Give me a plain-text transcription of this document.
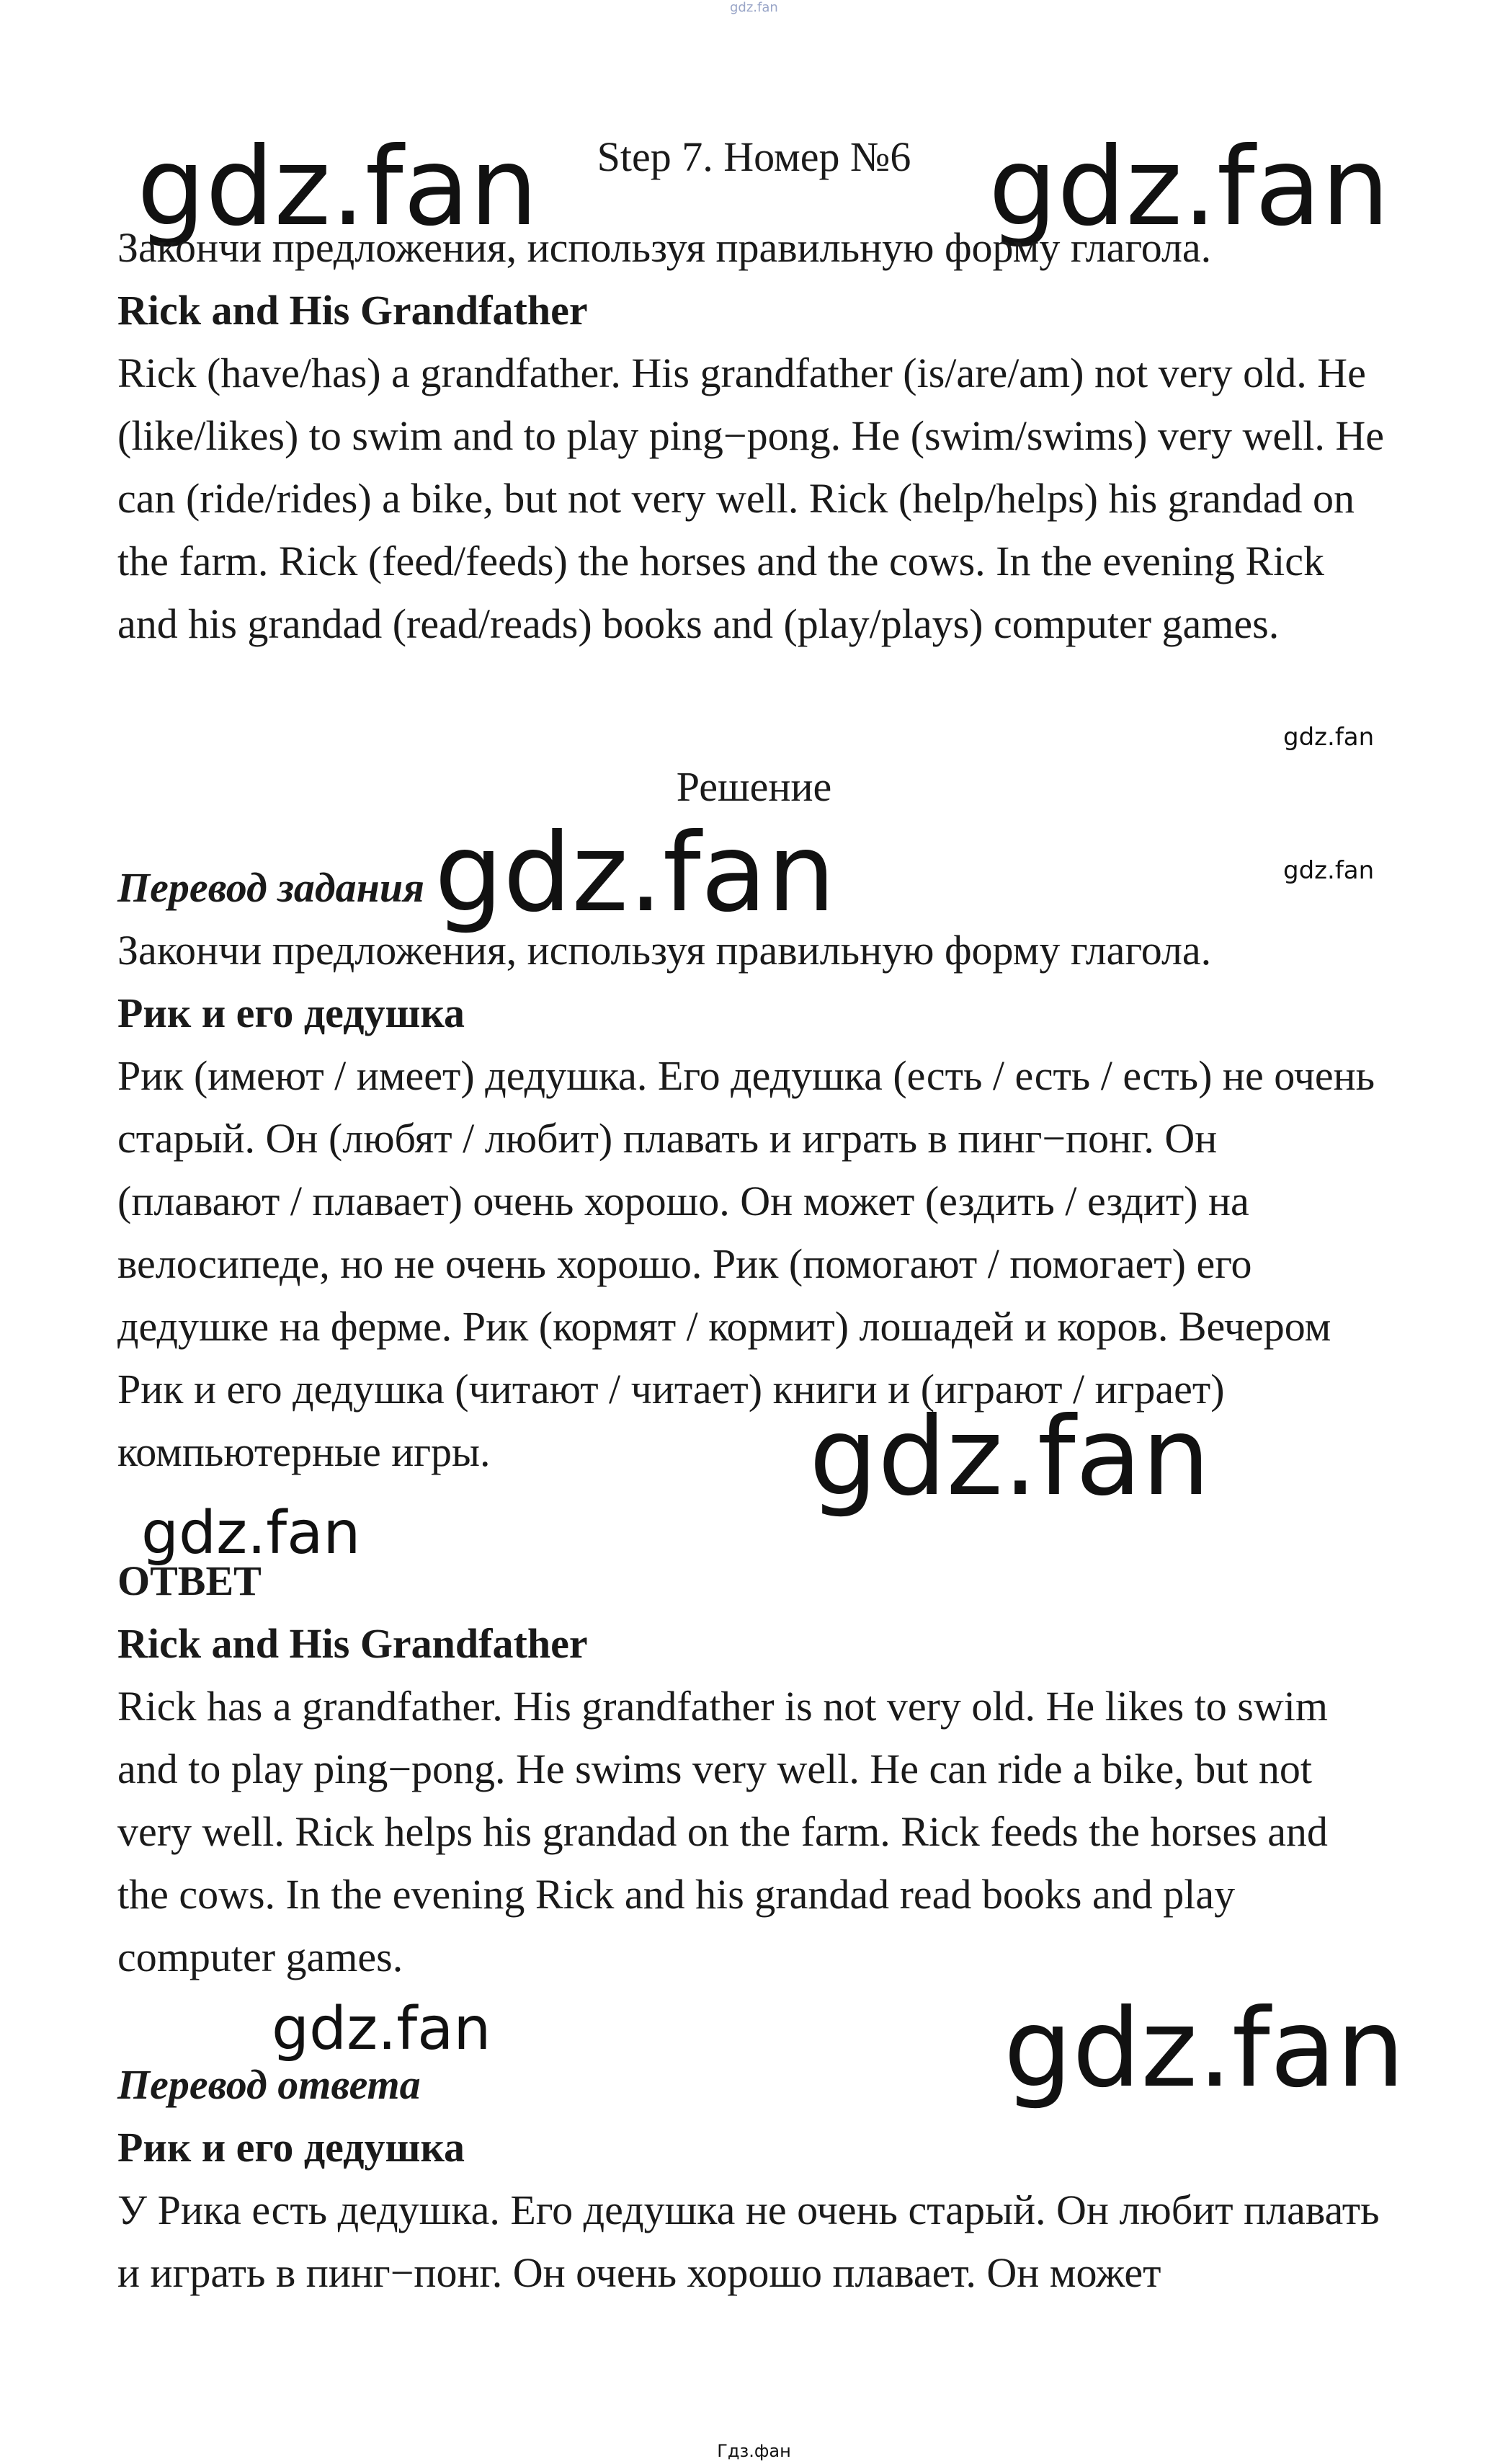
gdz.fan
gdz.fan	gdz.fan
gdz.fan
gdz.fan
gdz.fan
gdz.fan
gdz.fan
gdz.fan
gdz.fan
Step 7. Номер №6

Закончи предложения, используя правильную форму глагола.

Rick and His Grandfather

Rick (have/has) a grandfather. His grandfather (is/are/am) not very old. He (like/likes) to swim and to play ping−pong. He (swim/swims) very well. He can (ride/rides) a bike, but not very well. Rick (help/helps) his grandad on the farm. Rick (feed/feeds) the horses and the cows. In the evening Rick and his grandad (read/reads) books and (play/plays) computer games.

Решение

Перевод задания

Закончи предложения, используя правильную форму глагола.

Рик и его дедушка

Рик (имеют / имеет) дедушка. Его дедушка (есть / есть / есть) не очень старый. Он (любят / любит) плавать и играть в пинг−понг. Он (плавают / плавает) очень хорошо. Он может (ездить / ездит) на велосипеде, но не очень хорошо. Рик (помогают / помогает) его дедушке на ферме. Рик (кормят / кормит) лошадей и коров. Вечером Рик и его дедушка (читают / читает) книги и (играют / играет) компьютерные игры.

ОТВЕТ

Rick and His Grandfather

Rick has a grandfather. His grandfather is not very old. He likes to swim and to play ping−pong. He swims very well. He can ride a bike, but not very well. Rick helps his grandad on the farm. Rick feeds the horses and the cows. In the evening Rick and his grandad read books and play computer games.

Перевод ответа

Рик и его дедушка

У Рика есть дедушка. Его дедушка не очень старый. Он любит плавать и играть в пинг−понг. Он очень хорошо плавает. Он может

Гдз.фан
